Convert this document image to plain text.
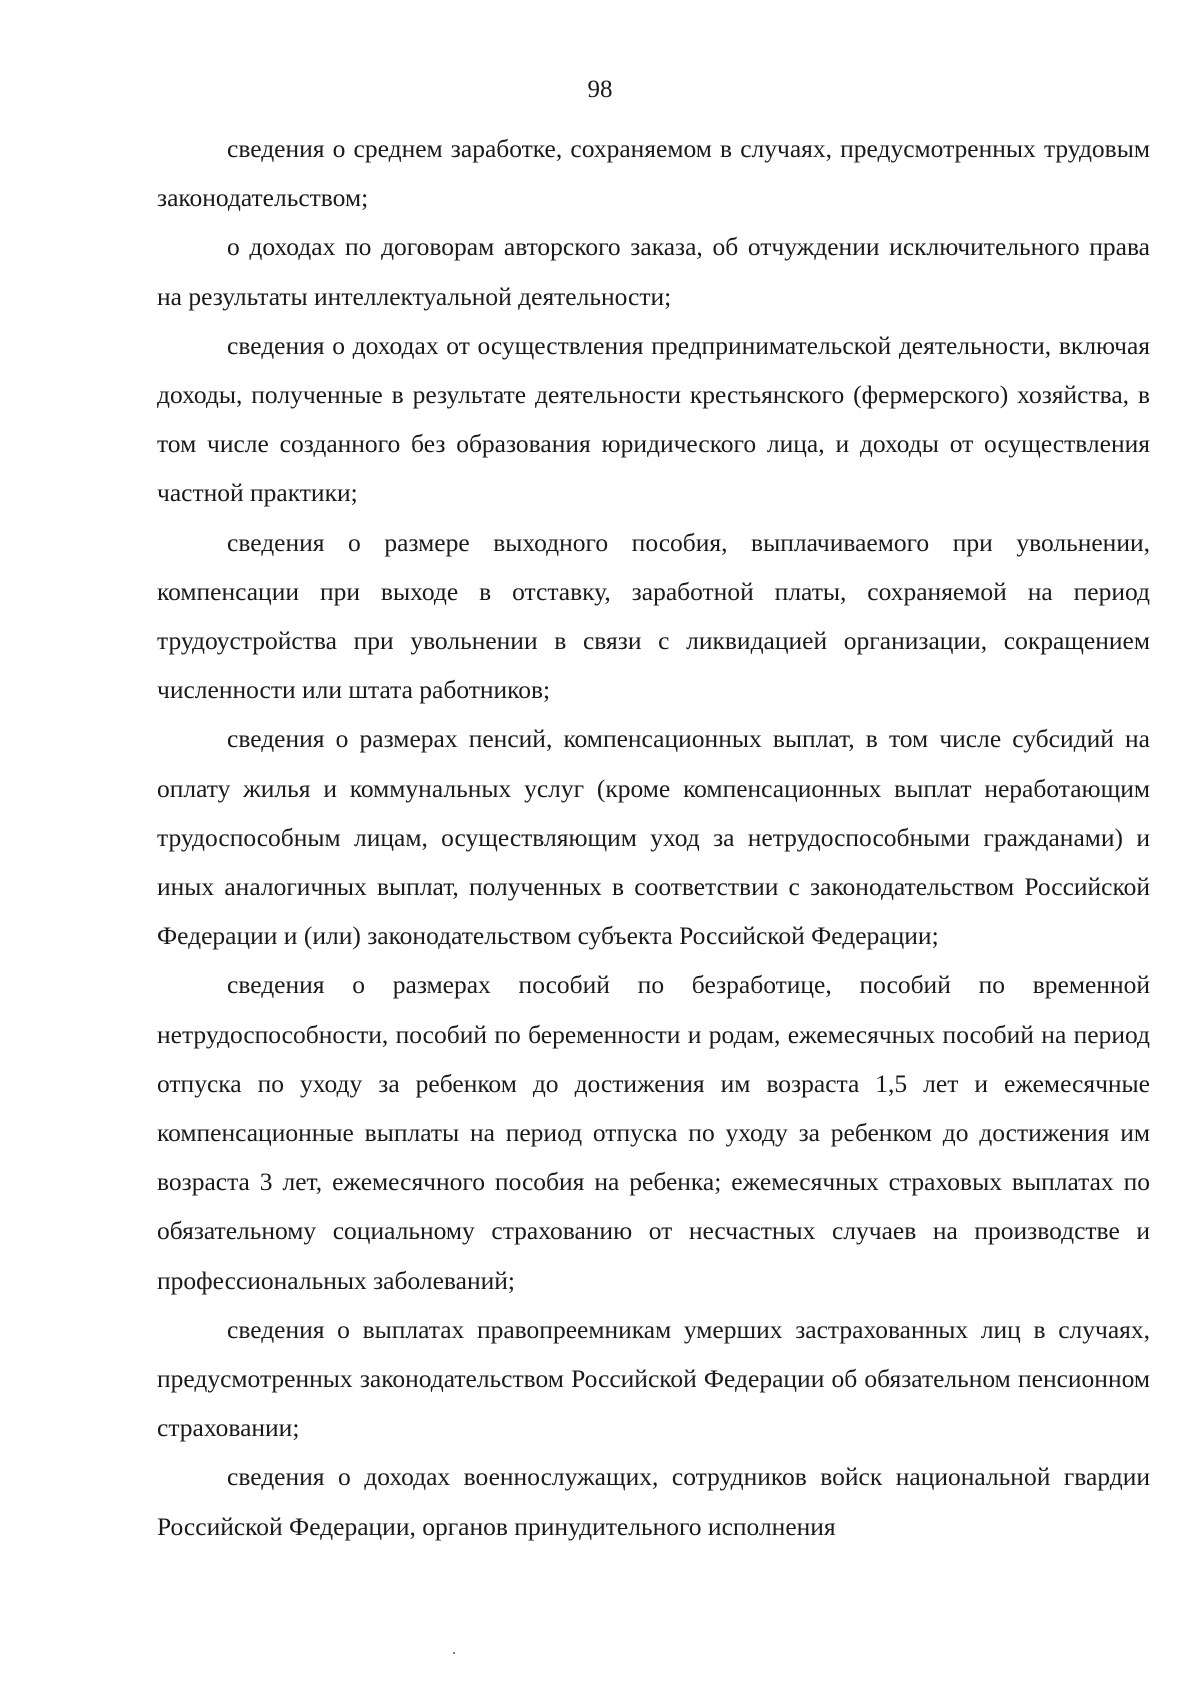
98

сведения о среднем заработке, сохраняемом в случаях, предусмотренных трудовым законодательством;

о доходах по договорам авторского заказа, об отчуждении исключительного права на результаты интеллектуальной деятельности;

сведения о доходах от осуществления предпринимательской деятельности, включая доходы, полученные в результате деятельности крестьянского (фермерского) хозяйства, в том числе созданного без образования юридического лица, и доходы от осуществления частной практики;

сведения о размере выходного пособия, выплачиваемого при увольнении, компенсации при выходе в отставку, заработной платы, сохраняемой на период трудоустройства при увольнении в связи с ликвидацией организации, сокращением численности или штата работников;

сведения о размерах пенсий, компенсационных выплат, в том числе субсидий на оплату жилья и коммунальных услуг (кроме компенсационных выплат неработающим трудоспособным лицам, осуществляющим уход за нетрудоспособными гражданами) и иных аналогичных выплат, полученных в соответствии с законодательством Российской Федерации и (или) законодательством субъекта Российской Федерации;

сведения о размерах пособий по безработице, пособий по временной нетрудоспособности, пособий по беременности и родам, ежемесячных пособий на период отпуска по уходу за ребенком до достижения им возраста 1,5 лет и ежемесячные компенсационные выплаты на период отпуска по уходу за ребенком до достижения им возраста 3 лет, ежемесячного пособия на ребенка; ежемесячных страховых выплатах по обязательному социальному страхованию от несчастных случаев на производстве и профессиональных заболеваний;

сведения о выплатах правопреемникам умерших застрахованных лиц в случаях, предусмотренных законодательством Российской Федерации об обязательном пенсионном страховании;

сведения о доходах военнослужащих, сотрудников войск национальной гвардии Российской Федерации, органов принудительного исполнения
